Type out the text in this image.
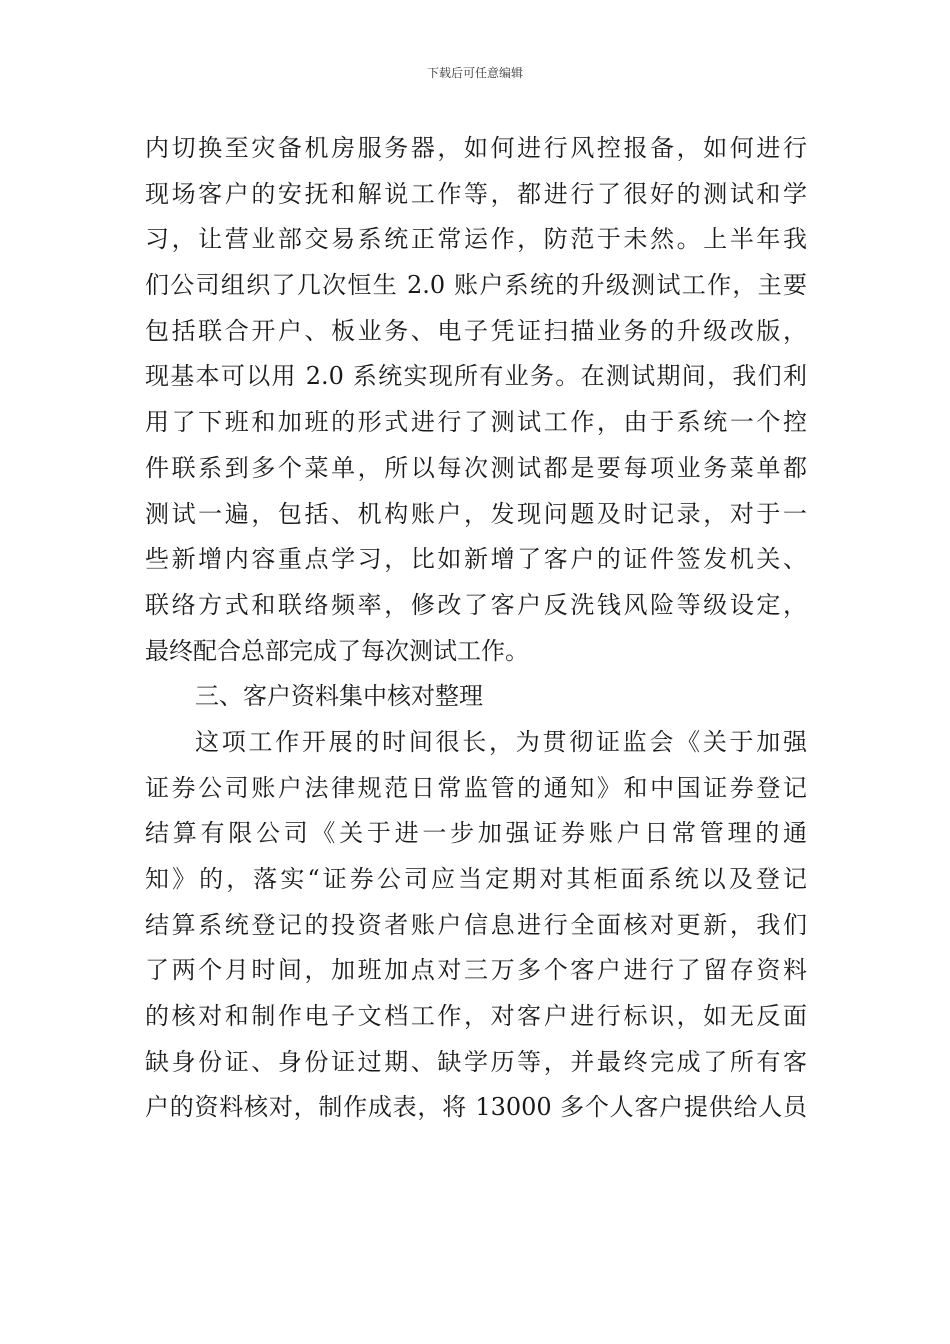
下载后可任意编辑
内切换至灾备机房服务器，如何进行风控报备，如何进行
现场客户的安抚和解说工作等，都进行了很好的测试和学
习，让营业部交易系统正常运作，防范于未然。上半年我
们公司组织了几次恒生 2.0 账户系统的升级测试工作，主要
包括联合开户、板业务、电子凭证扫描业务的升级改版，
现基本可以用 2.0 系统实现所有业务。在测试期间，我们利
用了下班和加班的形式进行了测试工作，由于系统一个控
件联系到多个菜单，所以每次测试都是要每项业务菜单都
测试一遍，包括、机构账户，发现问题及时记录，对于一
些新增内容重点学习，比如新增了客户的证件签发机关、
联络方式和联络频率，修改了客户反洗钱风险等级设定，
最终配合总部完成了每次测试工作。
三、客户资料集中核对整理
这项工作开展的时间很长，为贯彻证监会《关于加强
证券公司账户法律规范日常监管的通知》和中国证券登记
结算有限公司《关于进一步加强证券账户日常管理的通
知》的，落实“证券公司应当定期对其柜面系统以及登记
结算系统登记的投资者账户信息进行全面核对更新，我们
了两个月时间，加班加点对三万多个客户进行了留存资料
的核对和制作电子文档工作，对客户进行标识，如无反面
缺身份证、身份证过期、缺学历等，并最终完成了所有客
户的资料核对，制作成表，将 13000 多个人客户提供给人员
